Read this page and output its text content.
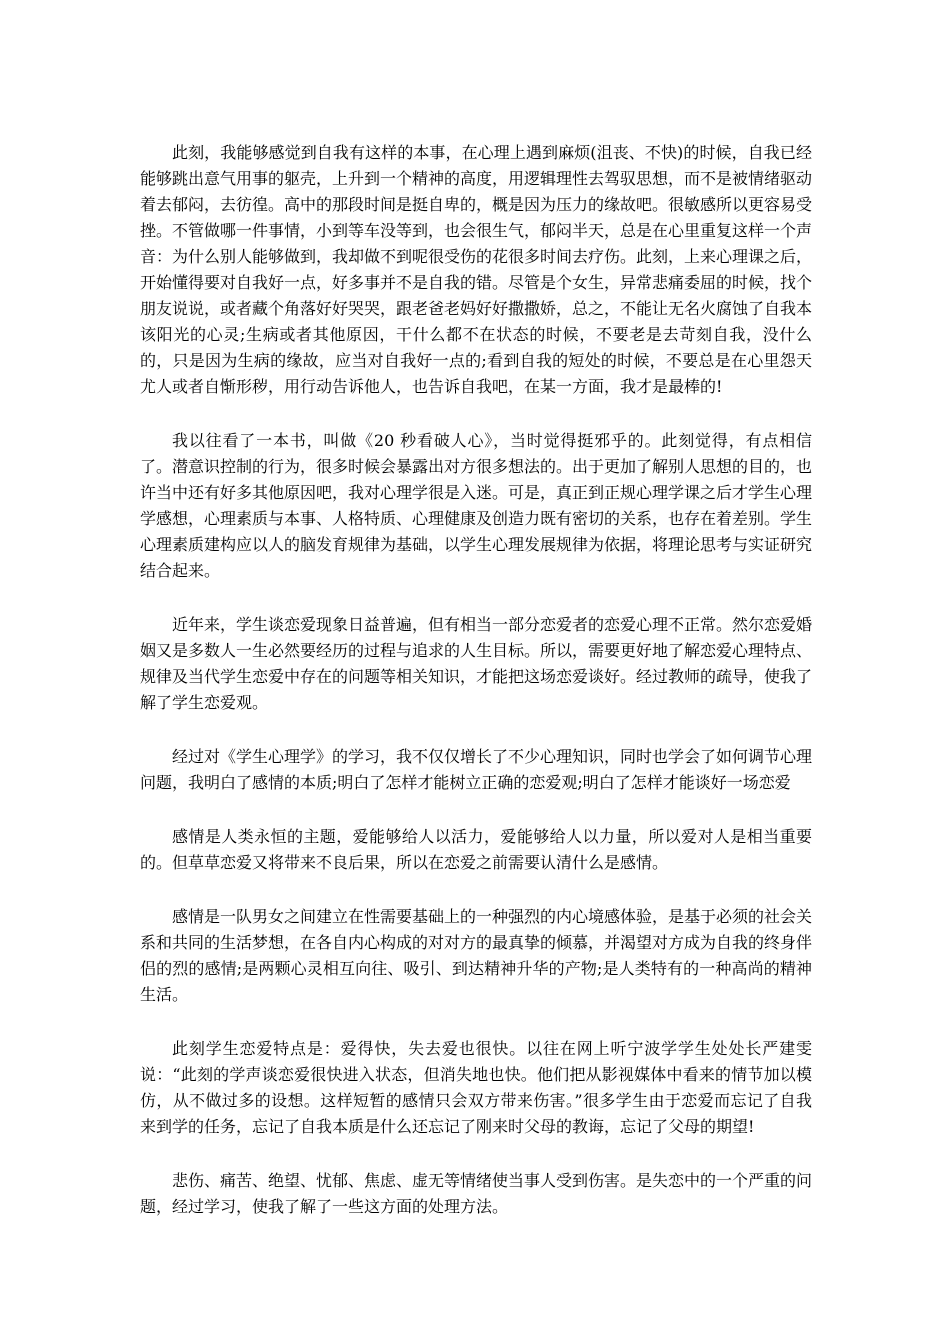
此刻，我能够感觉到自我有这样的本事，在心理上遇到麻烦(沮丧、不快)的时候，自我已经能够跳出意气用事的躯壳，上升到一个精神的高度，用逻辑理性去驾驭思想，而不是被情绪驱动着去郁闷，去彷徨。高中的那段时间是挺自卑的，概是因为压力的缘故吧。很敏感所以更容易受挫。不管做哪一件事情，小到等车没等到，也会很生气，郁闷半天，总是在心里重复这样一个声音：为什么别人能够做到，我却做不到呢很受伤的花很多时间去疗伤。此刻，上来心理课之后，开始懂得要对自我好一点，好多事并不是自我的错。尽管是个女生，异常悲痛委屈的时候，找个朋友说说，或者藏个角落好好哭哭，跟老爸老妈好好撒撒娇，总之，不能让无名火腐蚀了自我本该阳光的心灵;生病或者其他原因，干什么都不在状态的时候，不要老是去苛刻自我，没什么的，只是因为生病的缘故，应当对自我好一点的;看到自我的短处的时候，不要总是在心里怨天尤人或者自惭形秽，用行动告诉他人，也告诉自我吧，在某一方面，我才是最棒的!

我以往看了一本书，叫做《20 秒看破人心》，当时觉得挺邪乎的。此刻觉得，有点相信了。潜意识控制的行为，很多时候会暴露出对方很多想法的。出于更加了解别人思想的目的，也许当中还有好多其他原因吧，我对心理学很是入迷。可是，真正到正规心理学课之后才学生心理学感想，心理素质与本事、人格特质、心理健康及创造力既有密切的关系，也存在着差别。学生心理素质建构应以人的脑发育规律为基础，以学生心理发展规律为依据，将理论思考与实证研究结合起来。

近年来，学生谈恋爱现象日益普遍，但有相当一部分恋爱者的恋爱心理不正常。然尔恋爱婚姻又是多数人一生必然要经历的过程与追求的人生目标。所以，需要更好地了解恋爱心理特点、规律及当代学生恋爱中存在的问题等相关知识，才能把这场恋爱谈好。经过教师的疏导，使我了解了学生恋爱观。

经过对《学生心理学》的学习，我不仅仅增长了不少心理知识，同时也学会了如何调节心理问题，我明白了感情的本质;明白了怎样才能树立正确的恋爱观;明白了怎样才能谈好一场恋爱

感情是人类永恒的主题，爱能够给人以活力，爱能够给人以力量，所以爱对人是相当重要的。但草草恋爱又将带来不良后果，所以在恋爱之前需要认清什么是感情。

感情是一队男女之间建立在性需要基础上的一种强烈的内心境感体验，是基于必须的社会关系和共同的生活梦想，在各自内心构成的对对方的最真挚的倾慕，并渴望对方成为自我的终身伴侣的烈的感情;是两颗心灵相互向往、吸引、到达精神升华的产物;是人类特有的一种高尚的精神生活。

此刻学生恋爱特点是：爱得快，失去爱也很快。以往在网上听宁波学学生处处长严建雯说：“此刻的学声谈恋爱很快进入状态，但消失地也快。他们把从影视媒体中看来的情节加以模仿，从不做过多的设想。这样短暂的感情只会双方带来伤害。”很多学生由于恋爱而忘记了自我来到学的任务，忘记了自我本质是什么还忘记了刚来时父母的教诲，忘记了父母的期望!

悲伤、痛苦、绝望、忧郁、焦虑、虚无等情绪使当事人受到伤害。是失恋中的一个严重的问题，经过学习，使我了解了一些这方面的处理方法。
